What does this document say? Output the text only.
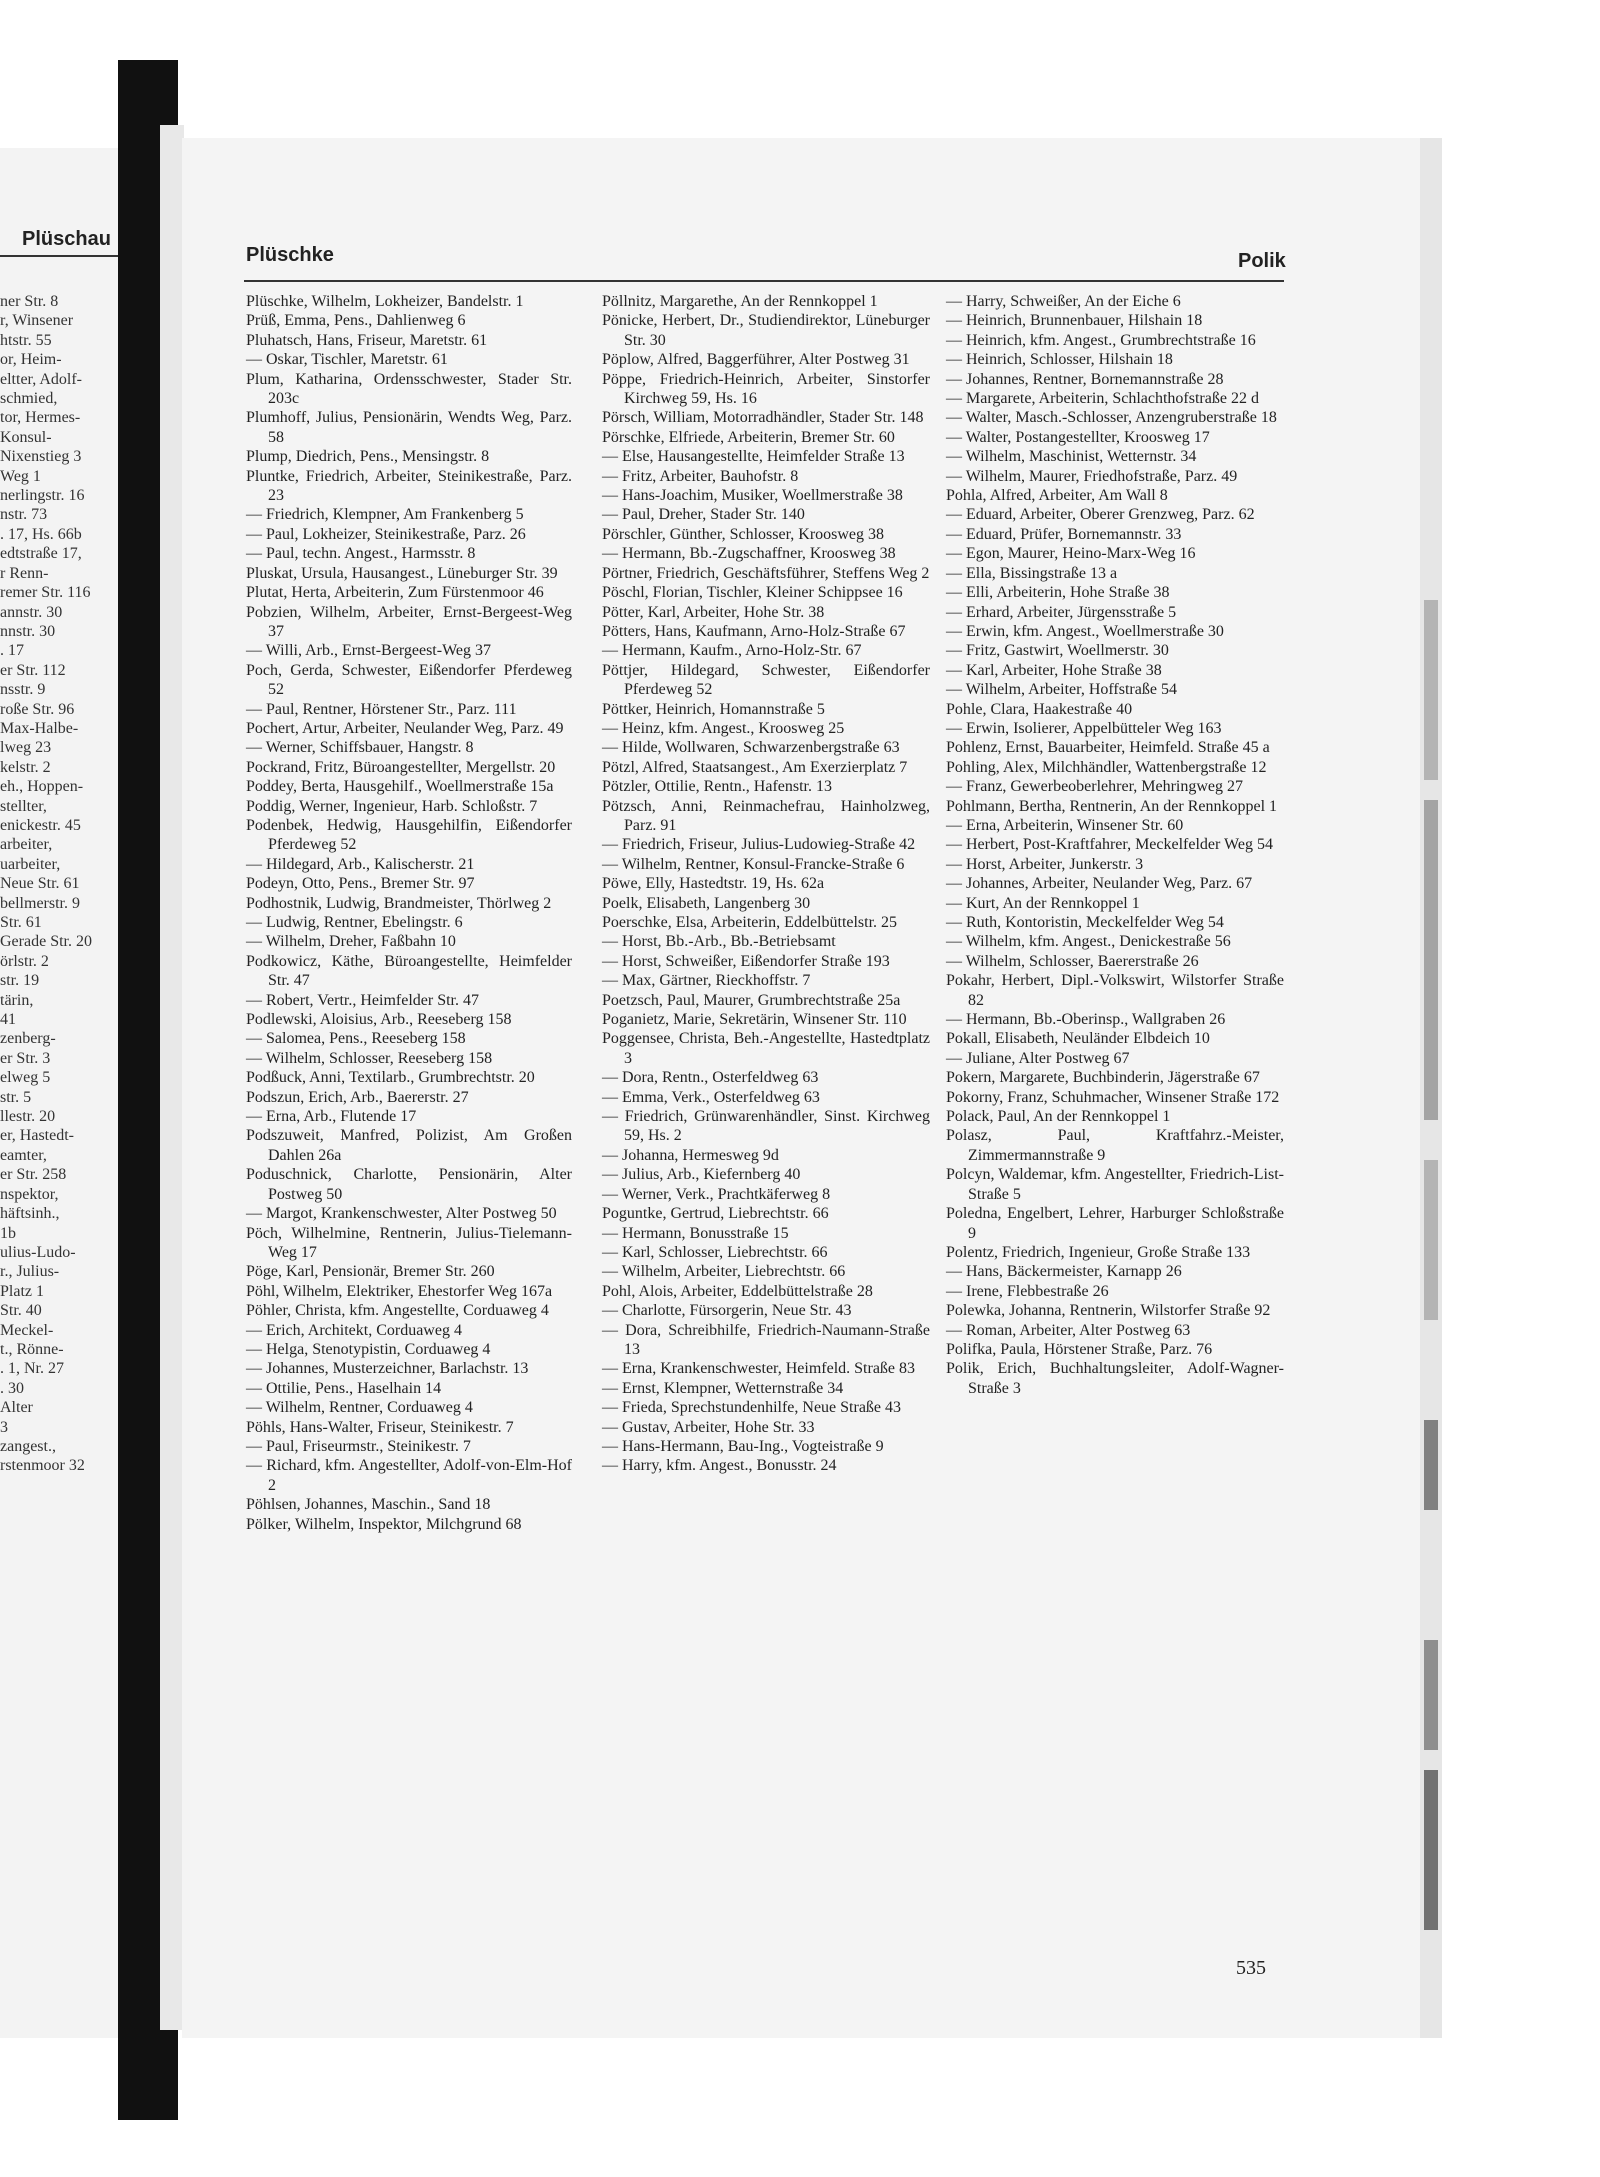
Plüschau
ner Str. 8
r, Winsener
htstr. 55
or, Heim-
eltter, Adolf-
schmied,
tor, Hermes-
Konsul-
Nixenstieg 3
Weg 1
nerlingstr. 16
nstr. 73
. 17, Hs. 66b
edtstraße 17,
r Renn-
remer Str. 116
annstr. 30
nnstr. 30
. 17
er Str. 112
nsstr. 9
roße Str. 96
Max-Halbe-
lweg 23
kelstr. 2
eh., Hoppen-
stellter,
enickestr. 45
arbeiter,
uarbeiter,
Neue Str. 61
bellmerstr. 9
Str. 61
Gerade Str. 20
örlstr. 2
str. 19
tärin,
41
zenberg-
er Str. 3
elweg 5
str. 5
llestr. 20
er, Hastedt-
eamter,
er Str. 258
nspektor,
häftsinh.,
1b
ulius-Ludo-
r., Julius-
Platz 1
Str. 40
Meckel-
t., Rönne-
. 1, Nr. 27
. 30
Alter
3
zangest.,
rstenmoor 32
Plüschke	Polik
Plüschke, Wilhelm, Lokheizer, Bandelstr. 1
Prüß, Emma, Pens., Dahlienweg 6
Pluhatsch, Hans, Friseur, Maretstr. 61
— Oskar, Tischler, Maretstr. 61
Plum, Katharina, Ordensschwester, Stader Str. 203c
Plumhoff, Julius, Pensionärin, Wendts Weg, Parz. 58
Plump, Diedrich, Pens., Mensingstr. 8
Pluntke, Friedrich, Arbeiter, Steinikestraße, Parz. 23
— Friedrich, Klempner, Am Frankenberg 5
— Paul, Lokheizer, Steinikestraße, Parz. 26
— Paul, techn. Angest., Harmsstr. 8
Pluskat, Ursula, Hausangest., Lüneburger Str. 39
Plutat, Herta, Arbeiterin, Zum Fürstenmoor 46
Pobzien, Wilhelm, Arbeiter, Ernst-Bergeest-Weg 37
— Willi, Arb., Ernst-Bergeest-Weg 37
Poch, Gerda, Schwester, Eißendorfer Pferdeweg 52
— Paul, Rentner, Hörstener Str., Parz. 111
Pochert, Artur, Arbeiter, Neulander Weg, Parz. 49
— Werner, Schiffsbauer, Hangstr. 8
Pockrand, Fritz, Büroangestellter, Mergellstr. 20
Poddey, Berta, Hausgehilf., Woellmerstraße 15a
Poddig, Werner, Ingenieur, Harb. Schloßstr. 7
Podenbek, Hedwig, Hausgehilfin, Eißendorfer Pferdeweg 52
— Hildegard, Arb., Kalischerstr. 21
Podeyn, Otto, Pens., Bremer Str. 97
Podhostnik, Ludwig, Brandmeister, Thörlweg 2
— Ludwig, Rentner, Ebelingstr. 6
— Wilhelm, Dreher, Faßbahn 10
Podkowicz, Käthe, Büroangestellte, Heimfelder Str. 47
— Robert, Vertr., Heimfelder Str. 47
Podlewski, Aloisius, Arb., Reeseberg 158
— Salomea, Pens., Reeseberg 158
— Wilhelm, Schlosser, Reeseberg 158
Podßuck, Anni, Textilarb., Grumbrechtstr. 20
Podszun, Erich, Arb., Baererstr. 27
— Erna, Arb., Flutende 17
Podszuweit, Manfred, Polizist, Am Großen Dahlen 26a
Poduschnick, Charlotte, Pensionärin, Alter Postweg 50
— Margot, Krankenschwester, Alter Postweg 50
Pöch, Wilhelmine, Rentnerin, Julius-Tielemann-Weg 17
Pöge, Karl, Pensionär, Bremer Str. 260
Pöhl, Wilhelm, Elektriker, Ehestorfer Weg 167a
Pöhler, Christa, kfm. Angestellte, Corduaweg 4
— Erich, Architekt, Corduaweg 4
— Helga, Stenotypistin, Corduaweg 4
— Johannes, Musterzeichner, Barlachstr. 13
— Ottilie, Pens., Haselhain 14
— Wilhelm, Rentner, Corduaweg 4
Pöhls, Hans-Walter, Friseur, Steinikestr. 7
— Paul, Friseurmstr., Steinikestr. 7
— Richard, kfm. Angestellter, Adolf-von-Elm-Hof 2
Pöhlsen, Johannes, Maschin., Sand 18
Pölker, Wilhelm, Inspektor, Milchgrund 68
Pöllnitz, Margarethe, An der Rennkoppel 1
Pönicke, Herbert, Dr., Studiendirektor, Lüneburger Str. 30
Pöplow, Alfred, Baggerführer, Alter Postweg 31
Pöppe, Friedrich-Heinrich, Arbeiter, Sinstorfer Kirchweg 59, Hs. 16
Pörsch, William, Motorradhändler, Stader Str. 148
Pörschke, Elfriede, Arbeiterin, Bremer Str. 60
— Else, Hausangestellte, Heimfelder Straße 13
— Fritz, Arbeiter, Bauhofstr. 8
— Hans-Joachim, Musiker, Woellmerstraße 38
— Paul, Dreher, Stader Str. 140
Pörschler, Günther, Schlosser, Kroosweg 38
— Hermann, Bb.-Zugschaffner, Kroosweg 38
Pörtner, Friedrich, Geschäftsführer, Steffens Weg 2
Pöschl, Florian, Tischler, Kleiner Schippsee 16
Pötter, Karl, Arbeiter, Hohe Str. 38
Pötters, Hans, Kaufmann, Arno-Holz-Straße 67
— Hermann, Kaufm., Arno-Holz-Str. 67
Pöttjer, Hildegard, Schwester, Eißendorfer Pferdeweg 52
Pöttker, Heinrich, Homannstraße 5
— Heinz, kfm. Angest., Kroosweg 25
— Hilde, Wollwaren, Schwarzenbergstraße 63
Pötzl, Alfred, Staatsangest., Am Exerzierplatz 7
Pötzler, Ottilie, Rentn., Hafenstr. 13
Pötzsch, Anni, Reinmachefrau, Hainholzweg, Parz. 91
— Friedrich, Friseur, Julius-Ludowieg-Straße 42
— Wilhelm, Rentner, Konsul-Francke-Straße 6
Pöwe, Elly, Hastedtstr. 19, Hs. 62a
Poelk, Elisabeth, Langenberg 30
Poerschke, Elsa, Arbeiterin, Eddelbüttelstr. 25
— Horst, Bb.-Arb., Bb.-Betriebsamt
— Horst, Schweißer, Eißendorfer Straße 193
— Max, Gärtner, Rieckhoffstr. 7
Poetzsch, Paul, Maurer, Grumbrechtstraße 25a
Poganietz, Marie, Sekretärin, Winsener Str. 110
Poggensee, Christa, Beh.-Angestellte, Hastedtplatz 3
— Dora, Rentn., Osterfeldweg 63
— Emma, Verk., Osterfeldweg 63
— Friedrich, Grünwarenhändler, Sinst. Kirchweg 59, Hs. 2
— Johanna, Hermesweg 9d
— Julius, Arb., Kiefernberg 40
— Werner, Verk., Prachtkäferweg 8
Poguntke, Gertrud, Liebrechtstr. 66
— Hermann, Bonusstraße 15
— Karl, Schlosser, Liebrechtstr. 66
— Wilhelm, Arbeiter, Liebrechtstr. 66
Pohl, Alois, Arbeiter, Eddelbüttelstraße 28
— Charlotte, Fürsorgerin, Neue Str. 43
— Dora, Schreibhilfe, Friedrich-Naumann-Straße 13
— Erna, Krankenschwester, Heimfeld. Straße 83
— Ernst, Klempner, Wetternstraße 34
— Frieda, Sprechstundenhilfe, Neue Straße 43
— Gustav, Arbeiter, Hohe Str. 33
— Hans-Hermann, Bau-Ing., Vogteistraße 9
— Harry, kfm. Angest., Bonusstr. 24
— Harry, Schweißer, An der Eiche 6
— Heinrich, Brunnenbauer, Hilshain 18
— Heinrich, kfm. Angest., Grumbrechtstraße 16
— Heinrich, Schlosser, Hilshain 18
— Johannes, Rentner, Bornemannstraße 28
— Margarete, Arbeiterin, Schlachthofstraße 22 d
— Walter, Masch.-Schlosser, Anzengruberstraße 18
— Walter, Postangestellter, Kroosweg 17
— Wilhelm, Maschinist, Wetternstr. 34
— Wilhelm, Maurer, Friedhofstraße, Parz. 49
Pohla, Alfred, Arbeiter, Am Wall 8
— Eduard, Arbeiter, Oberer Grenzweg, Parz. 62
— Eduard, Prüfer, Bornemannstr. 33
— Egon, Maurer, Heino-Marx-Weg 16
— Ella, Bissingstraße 13 a
— Elli, Arbeiterin, Hohe Straße 38
— Erhard, Arbeiter, Jürgensstraße 5
— Erwin, kfm. Angest., Woellmerstraße 30
— Fritz, Gastwirt, Woellmerstr. 30
— Karl, Arbeiter, Hohe Straße 38
— Wilhelm, Arbeiter, Hoffstraße 54
Pohle, Clara, Haakestraße 40
— Erwin, Isolierer, Appelbütteler Weg 163
Pohlenz, Ernst, Bauarbeiter, Heimfeld. Straße 45 a
Pohling, Alex, Milchhändler, Wattenbergstraße 12
— Franz, Gewerbeoberlehrer, Mehringweg 27
Pohlmann, Bertha, Rentnerin, An der Rennkoppel 1
— Erna, Arbeiterin, Winsener Str. 60
— Herbert, Post-Kraftfahrer, Meckelfelder Weg 54
— Horst, Arbeiter, Junkerstr. 3
— Johannes, Arbeiter, Neulander Weg, Parz. 67
— Kurt, An der Rennkoppel 1
— Ruth, Kontoristin, Meckelfelder Weg 54
— Wilhelm, kfm. Angest., Denickestraße 56
— Wilhelm, Schlosser, Baererstraße 26
Pokahr, Herbert, Dipl.-Volkswirt, Wilstorfer Straße 82
— Hermann, Bb.-Oberinsp., Wallgraben 26
Pokall, Elisabeth, Neuländer Elbdeich 10
— Juliane, Alter Postweg 67
Pokern, Margarete, Buchbinderin, Jägerstraße 67
Pokorny, Franz, Schuhmacher, Winsener Straße 172
Polack, Paul, An der Rennkoppel 1
Polasz, Paul, Kraftfahrz.-Meister, Zimmermannstraße 9
Polcyn, Waldemar, kfm. Angestellter, Friedrich-List-Straße 5
Poledna, Engelbert, Lehrer, Harburger Schloßstraße 9
Polentz, Friedrich, Ingenieur, Große Straße 133
— Hans, Bäckermeister, Karnapp 26
— Irene, Flebbestraße 26
Polewka, Johanna, Rentnerin, Wilstorfer Straße 92
— Roman, Arbeiter, Alter Postweg 63
Polifka, Paula, Hörstener Straße, Parz. 76
Polik, Erich, Buchhaltungsleiter, Adolf-Wagner-Straße 3
535
